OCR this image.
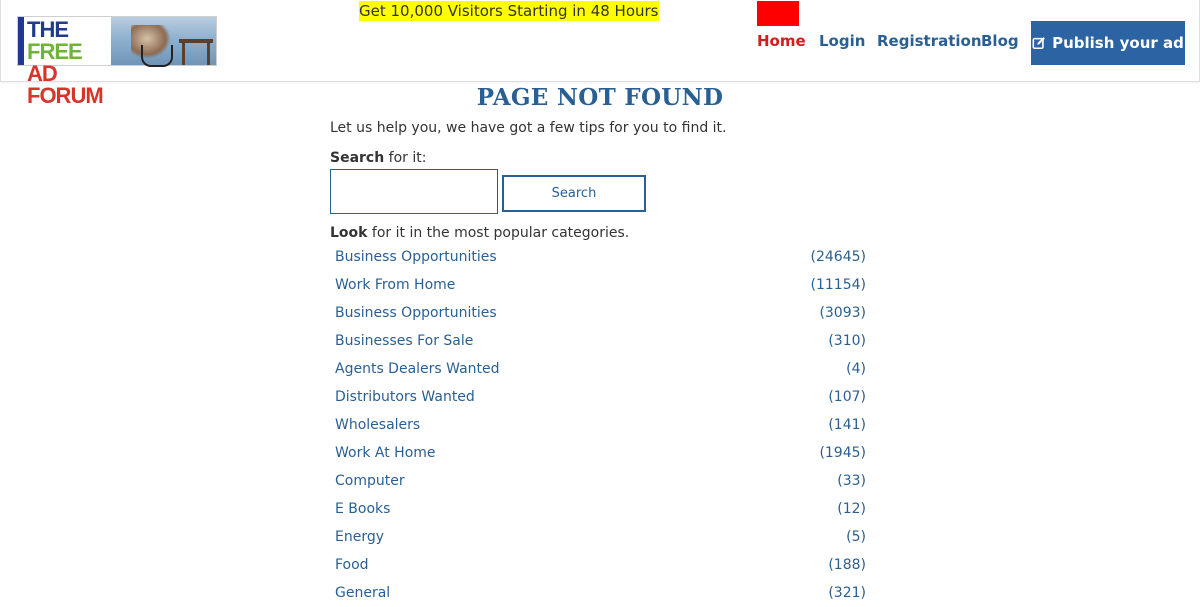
THE FREE
AD FORUM
Get 10,000 Visitors Starting in 48 Hours
Home Login Registration Blog Publish your ad
PAGE NOT FOUND
Let us help you, we have got a few tips for you to find it.
Search for it:
Search
Look for it in the most popular categories.
Business Opportunities	(24645)
Work From Home	(11154)
Business Opportunities	(3093)
Businesses For Sale	(310)
Agents Dealers Wanted	(4)
Distributors Wanted	(107)
Wholesalers	(141)
Work At Home	(1945)
Computer	(33)
E Books	(12)
Energy	(5)
Food	(188)
General	(321)
